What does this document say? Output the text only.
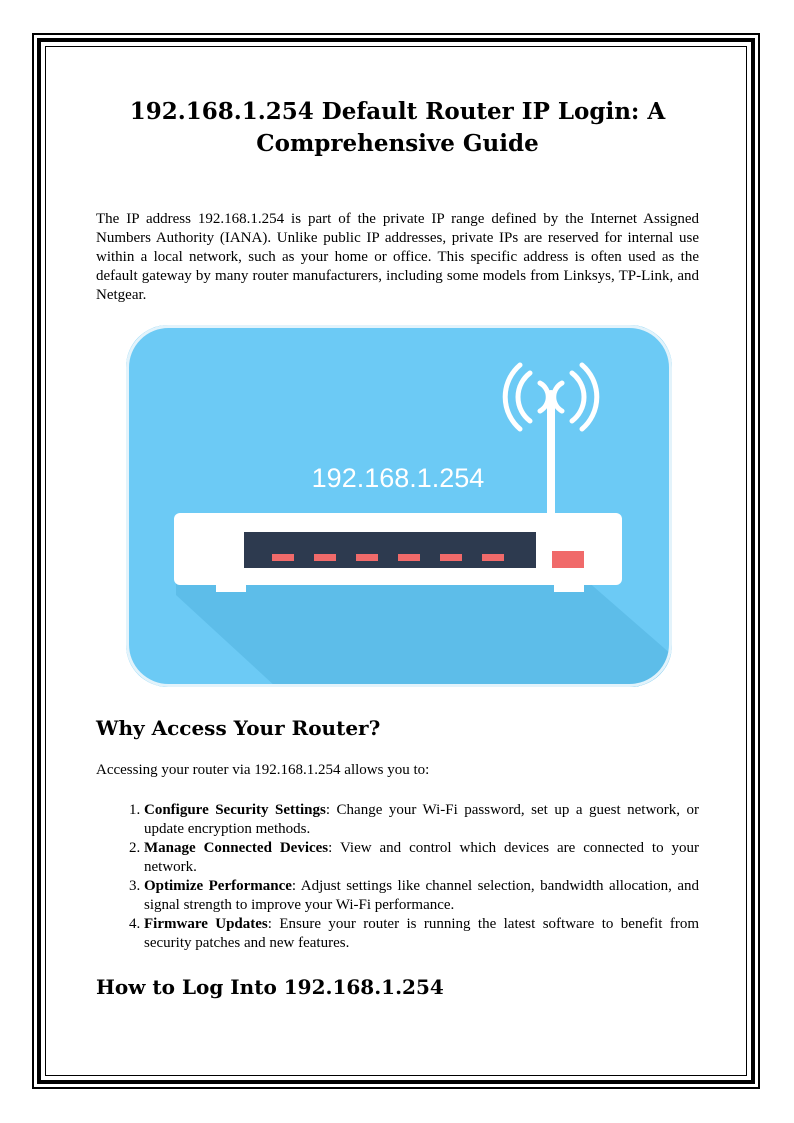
192.168.1.254 Default Router IP Login: A Comprehensive Guide

The IP address 192.168.1.254 is part of the private IP range defined by the Internet Assigned Numbers Authority (IANA). Unlike public IP addresses, private IPs are reserved for internal use within a local network, such as your home or office. This specific address is often used as the default gateway by many router manufacturers, including some models from Linksys, TP-Link, and Netgear.

192.168.1.254
Why Access Your Router?

Accessing your router via 192.168.1.254 allows you to:

1. Configure Security Settings: Change your Wi-Fi password, set up a guest network, or update encryption methods.
2. Manage Connected Devices: View and control which devices are connected to your network.
3. Optimize Performance: Adjust settings like channel selection, bandwidth allocation, and signal strength to improve your Wi-Fi performance.
4. Firmware Updates: Ensure your router is running the latest software to benefit from security patches and new features.
How to Log Into 192.168.1.254
